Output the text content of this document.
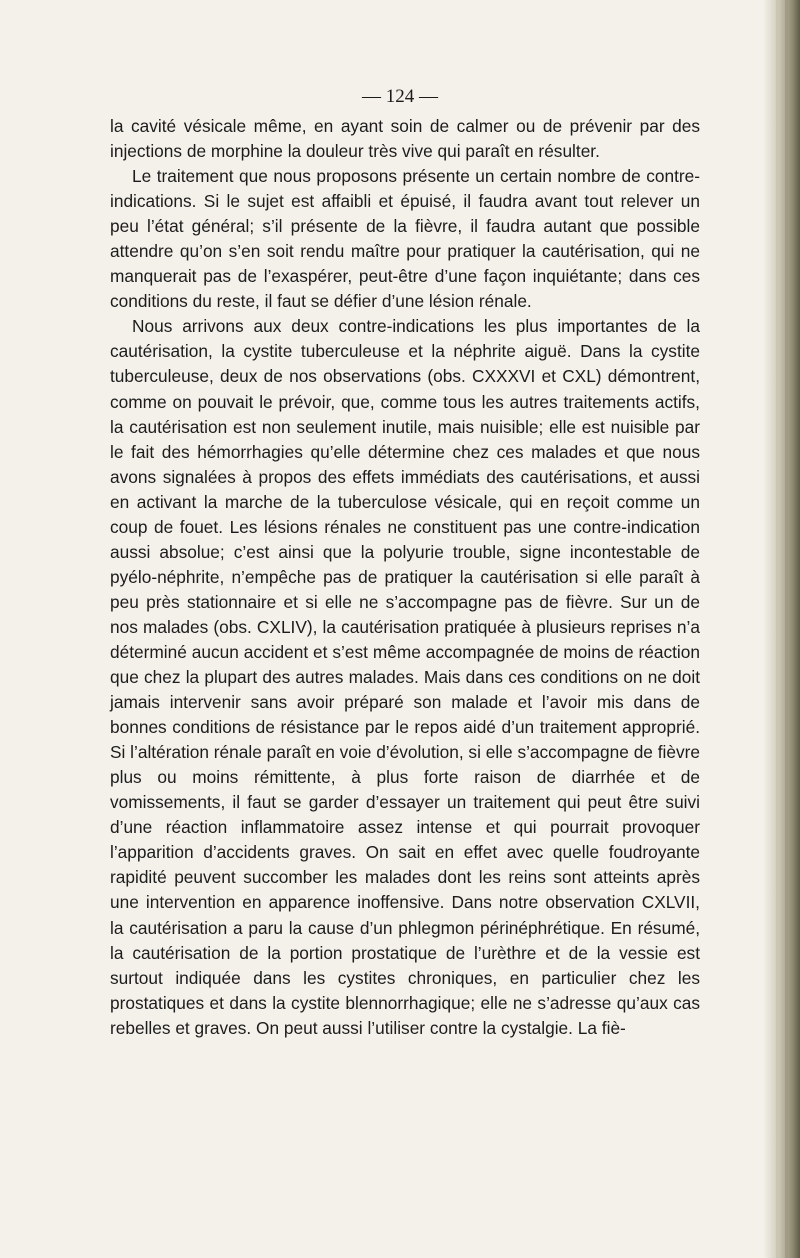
— 124 —

la cavité vésicale même, en ayant soin de calmer ou de prévenir par des injections de morphine la douleur très vive qui paraît en résulter.

Le traitement que nous proposons présente un certain nombre de contre-indications. Si le sujet est affaibli et épuisé, il faudra avant tout relever un peu l’état général; s’il présente de la fièvre, il faudra autant que possible attendre qu’on s’en soit rendu maître pour pratiquer la cautérisation, qui ne manquerait pas de l’exaspérer, peut-être d’une façon inquiétante; dans ces conditions du reste, il faut se défier d’une lésion rénale.

Nous arrivons aux deux contre-indications les plus importantes de la cautérisation, la cystite tuberculeuse et la néphrite aiguë. Dans la cystite tuberculeuse, deux de nos observations (obs. CXXXVI et CXL) démontrent, comme on pouvait le prévoir, que, comme tous les autres traitements actifs, la cautérisation est non seulement inutile, mais nuisible; elle est nuisible par le fait des hémorrhagies qu’elle détermine chez ces malades et que nous avons signalées à propos des effets immédiats des cautérisations, et aussi en activant la marche de la tuberculose vésicale, qui en reçoit comme un coup de fouet. Les lésions rénales ne constituent pas une contre-indication aussi absolue; c’est ainsi que la polyurie trouble, signe incontestable de pyélo-néphrite, n’empêche pas de pratiquer la cautérisation si elle paraît à peu près stationnaire et si elle ne s’accompagne pas de fièvre. Sur un de nos malades (obs. CXLIV), la cautérisation pratiquée à plusieurs reprises n’a déterminé aucun accident et s’est même accompagnée de moins de réaction que chez la plupart des autres malades. Mais dans ces conditions on ne doit jamais intervenir sans avoir préparé son malade et l’avoir mis dans de bonnes conditions de résistance par le repos aidé d’un traitement approprié. Si l’altération rénale paraît en voie d’évolution, si elle s’accompagne de fièvre plus ou moins rémittente, à plus forte raison de diarrhée et de vomissements, il faut se garder d’essayer un traitement qui peut être suivi d’une réaction inflammatoire assez intense et qui pourrait provoquer l’apparition d’accidents graves. On sait en effet avec quelle foudroyante rapidité peuvent succomber les malades dont les reins sont atteints après une intervention en apparence inoffensive. Dans notre observation CXLVII, la cautérisation a paru la cause d’un phlegmon périnéphrétique. En résumé, la cautérisation de la portion prostatique de l’urèthre et de la vessie est surtout indiquée dans les cystites chroniques, en particulier chez les prostatiques et dans la cystite blennorrhagique; elle ne s’adresse qu’aux cas rebelles et graves. On peut aussi l’utiliser contre la cystalgie. La fiè-
